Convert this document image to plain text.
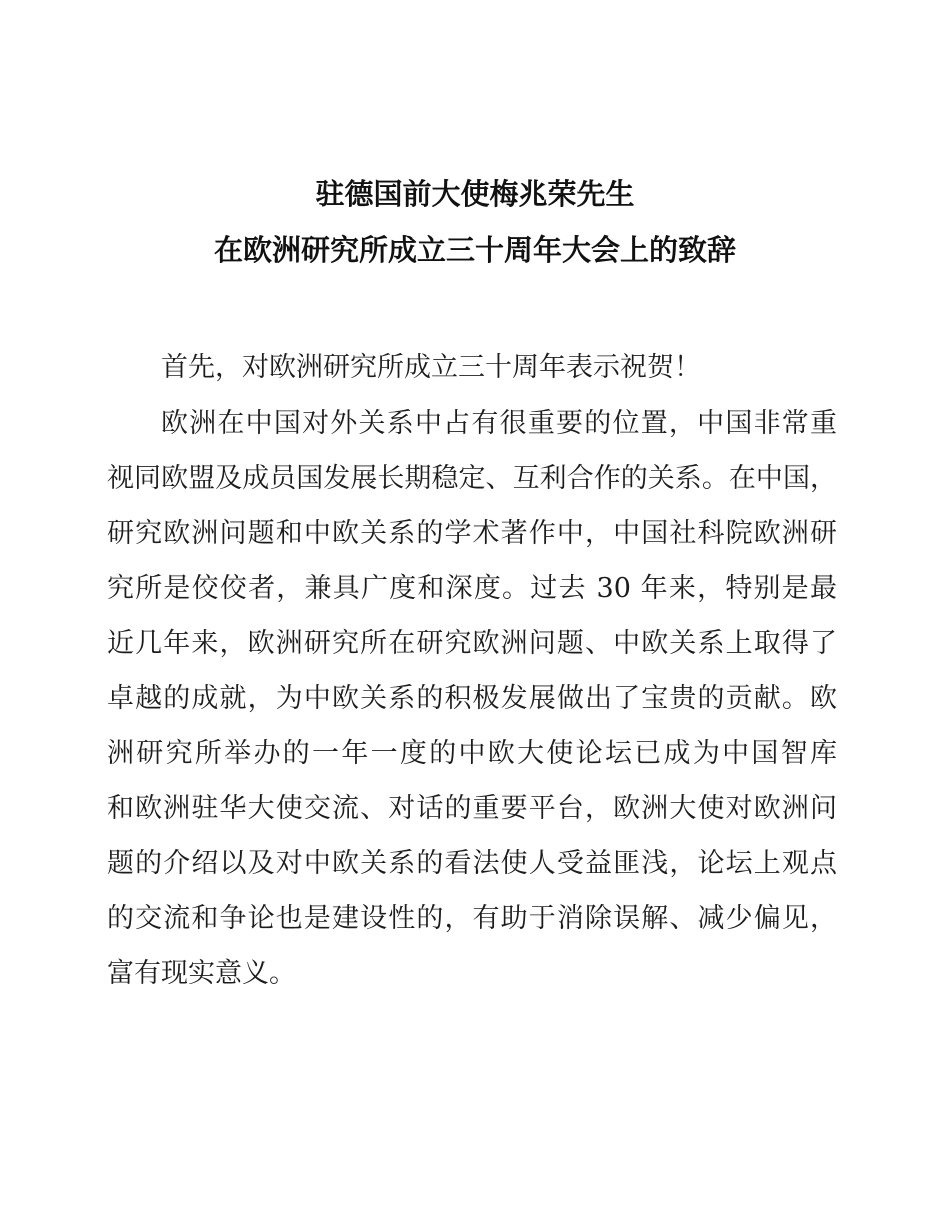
驻德国前大使梅兆荣先生
在欧洲研究所成立三十周年大会上的致辞

首先，对欧洲研究所成立三十周年表示祝贺！

欧洲在中国对外关系中占有很重要的位置，中国非常重
视同欧盟及成员国发展长期稳定、互利合作的关系。在中国，
研究欧洲问题和中欧关系的学术著作中，中国社科院欧洲研
究所是佼佼者，兼具广度和深度。过去 30 年来，特别是最
近几年来，欧洲研究所在研究欧洲问题、中欧关系上取得了
卓越的成就，为中欧关系的积极发展做出了宝贵的贡献。欧
洲研究所举办的一年一度的中欧大使论坛已成为中国智库
和欧洲驻华大使交流、对话的重要平台，欧洲大使对欧洲问
题的介绍以及对中欧关系的看法使人受益匪浅，论坛上观点
的交流和争论也是建设性的，有助于消除误解、减少偏见，
富有现实意义。
